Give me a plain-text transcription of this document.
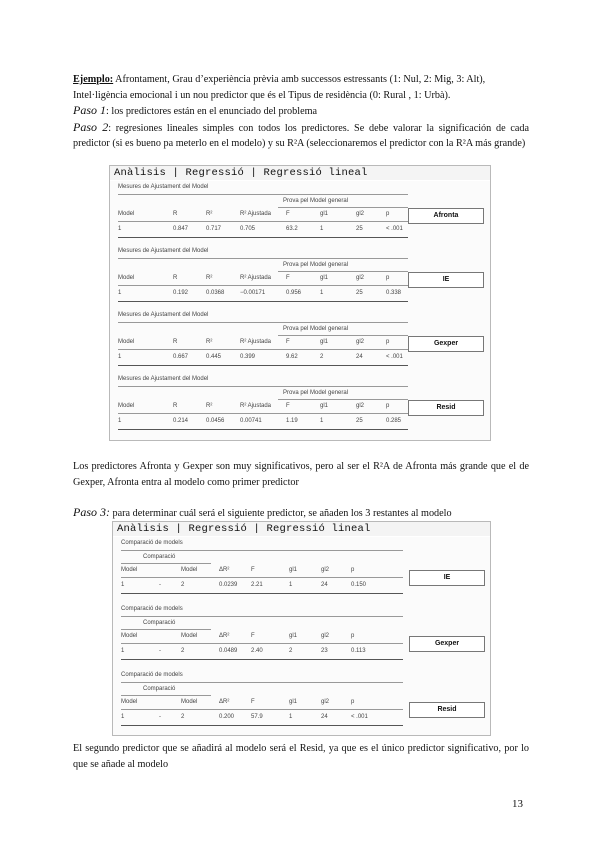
Ejemplo: Afrontament, Grau d’experiència prèvia amb successos estressants (1: Nul, 2: Mig, 3: Alt),
Intel·ligència emocional i un nou predictor que és el Tipus de residència (0: Rural , 1: Urbà).
Paso 1: los predictores están en el enunciado del problema
Paso 2: regresiones lineales simples con todos los predictores. Se debe valorar la significación de cada predictor (si es bueno pa meterlo en el modelo) y su R²A (seleccionaremos el predictor con la R²A más grande)
Anàlisis | Regressió | Regressió lineal
Mesures de Ajustament del Model
Prova pel Model general
Model	R	R²	R² Ajustada	F	gl1	gl2	p
1	0.847	0.717	0.705	63.2	1	25	< .001
Afronta
Mesures de Ajustament del Model
Prova pel Model general
Model	R	R²	R² Ajustada	F	gl1	gl2	p
1	0.192	0.0368	−0.00171	0.956	1	25	0.338
IE
Mesures de Ajustament del Model
Prova pel Model general
Model	R	R²	R² Ajustada	F	gl1	gl2	p
1	0.667	0.445	0.399	9.62	2	24	< .001
Gexper
Mesures de Ajustament del Model
Prova pel Model general
Model	R	R²	R² Ajustada	F	gl1	gl2	p
1	0.214	0.0456	0.00741	1.19	1	25	0.285
Resid
Los predictores Afronta y Gexper son muy significativos, pero al ser el R²A de Afronta más grande que el de Gexper, Afronta entra al modelo como primer predictor
Paso 3: para determinar cuál será el siguiente predictor, se añaden los 3 restantes al modelo
Anàlisis | Regressió | Regressió lineal
Comparació de models
Comparació
Model	Model	ΔR²	F	gl1	gl2	p
1	-	2	0.0239	2.21	1	24	0.150
IE
Comparació de models
Comparació
Model	Model	ΔR²	F	gl1	gl2	p
1	-	2	0.0489	2.40	2	23	0.113
Gexper
Comparació de models
Comparació
Model	Model	ΔR²	F	gl1	gl2	p
1	-	2	0.200	57.9	1	24	< .001
Resid
El segundo predictor que se añadirá al modelo será el Resid, ya que es el único predictor significativo, por lo que se añade al modelo
13
